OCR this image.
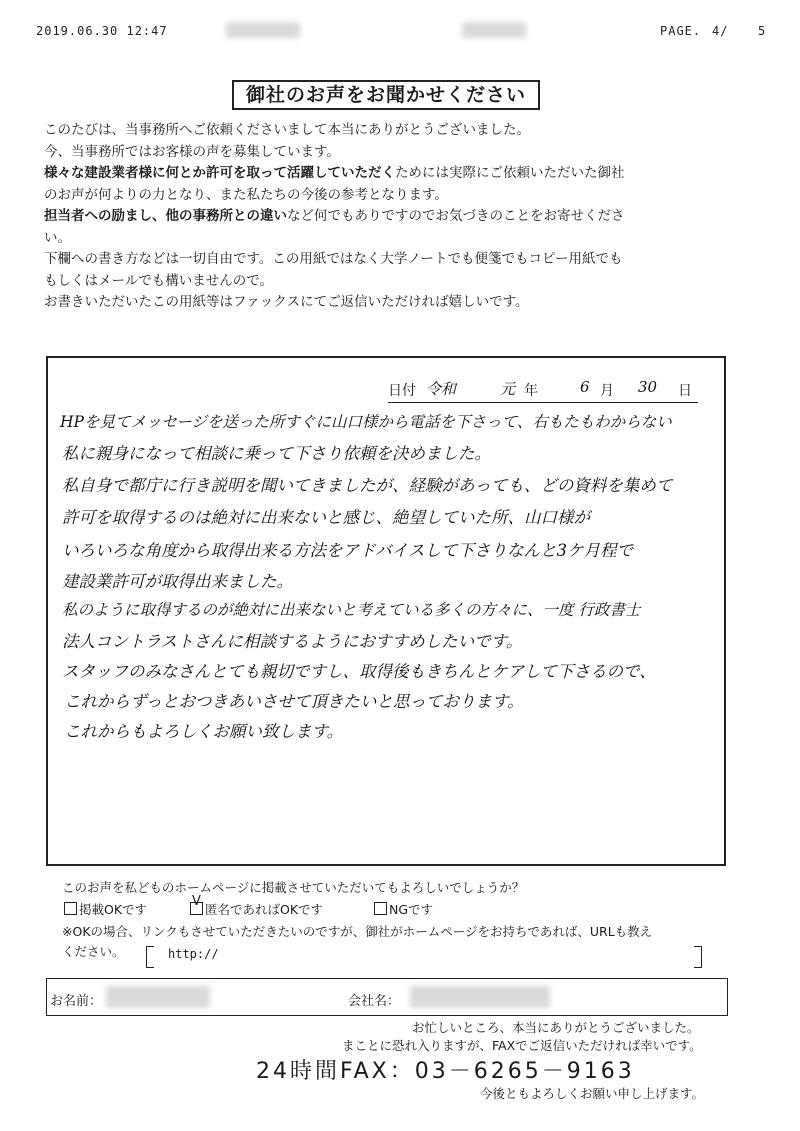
2019.06.30 12:47	PAGE. 4/ 5
御社のお声をお聞かせください

このたびは、当事務所へご依頼くださいまして本当にありがとうございました。

今、当事務所ではお客様の声を募集しています。

様々な建設業者様に何とか許可を取って活躍していただくためには実際にご依頼いただいた御社

のお声が何よりの力となり、また私たちの今後の参考となります。

担当者への励まし、他の事務所との違いなど何でもありですのでお気づきのことをお寄せくださ

い。

下欄への書き方などは一切自由です。この用紙ではなく大学ノートでも便箋でもコピー用紙でも

もしくはメールでも構いませんので。

お書きいただいたこの用紙等はファックスにてご返信いただければ嬉しいです。

日付 令和	元 年	6 月 30 日
HPを見てメッセージを送った所すぐに山口様から電話を下さって、右もたもわからない
私に親身になって相談に乗って下さり依頼を決めました。
私自身で都庁に行き説明を聞いてきましたが、経験があっても、どの資料を集めて
許可を取得するのは絶対に出来ないと感じ、絶望していた所、山口様が
いろいろな角度から取得出来る方法をアドバイスして下さりなんと3ケ月程で
建設業許可が取得出来ました。
私のように取得するのが絶対に出来ないと考えている多くの方々に、一度 行政書士
法人コントラストさんに相談するようにおすすめしたいです。
スタッフのみなさんとても親切ですし、取得後もきちんとケアして下さるので、
これからずっとおつきあいさせて頂きたいと思っております。
これからもよろしくお願い致します。
このお声を私どものホームページに掲載させていただいてもよろしいでしょうか？
掲載OKです
V
匿名であればOKです	NGです
※OKの場合、リンクもさせていただきたいのですが、御社がホームページをお持ちであれば、URLも教え
ください。	http://
お名前：	会社名：
お忙しいところ、本当にありがとうございました。
まことに恐れ入りますが、FAXでご返信いただければ幸いです。
24時間FAX：03－6265－9163
今後ともよろしくお願い申し上げます。
